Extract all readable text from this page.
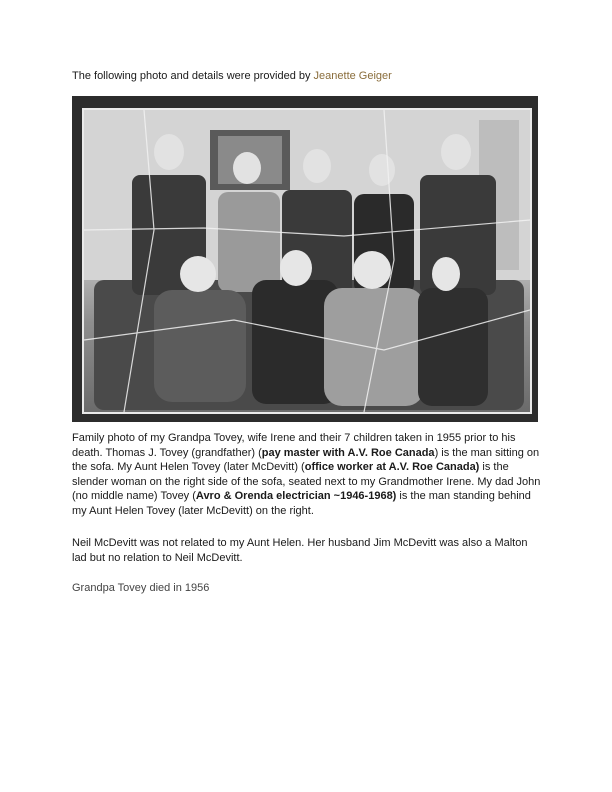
The following photo and details were provided by Jeanette Geiger

Family photo of my Grandpa Tovey, wife Irene and their 7 children taken in 1955 prior to his death. Thomas J. Tovey (grandfather) (pay master with A.V. Roe Canada) is the man sitting on the sofa. My Aunt Helen Tovey (later McDevitt) (office worker at A.V. Roe Canada) is the slender woman on the right side of the sofa, seated next to my Grandmother Irene. My dad John (no middle name) Tovey (Avro & Orenda electrician ~1946-1968) is the man standing behind my Aunt Helen Tovey (later McDevitt) on the right.

Neil McDevitt was not related to my Aunt Helen. Her husband Jim McDevitt was also a Malton lad but no relation to Neil McDevitt.

Grandpa Tovey died in 1956
